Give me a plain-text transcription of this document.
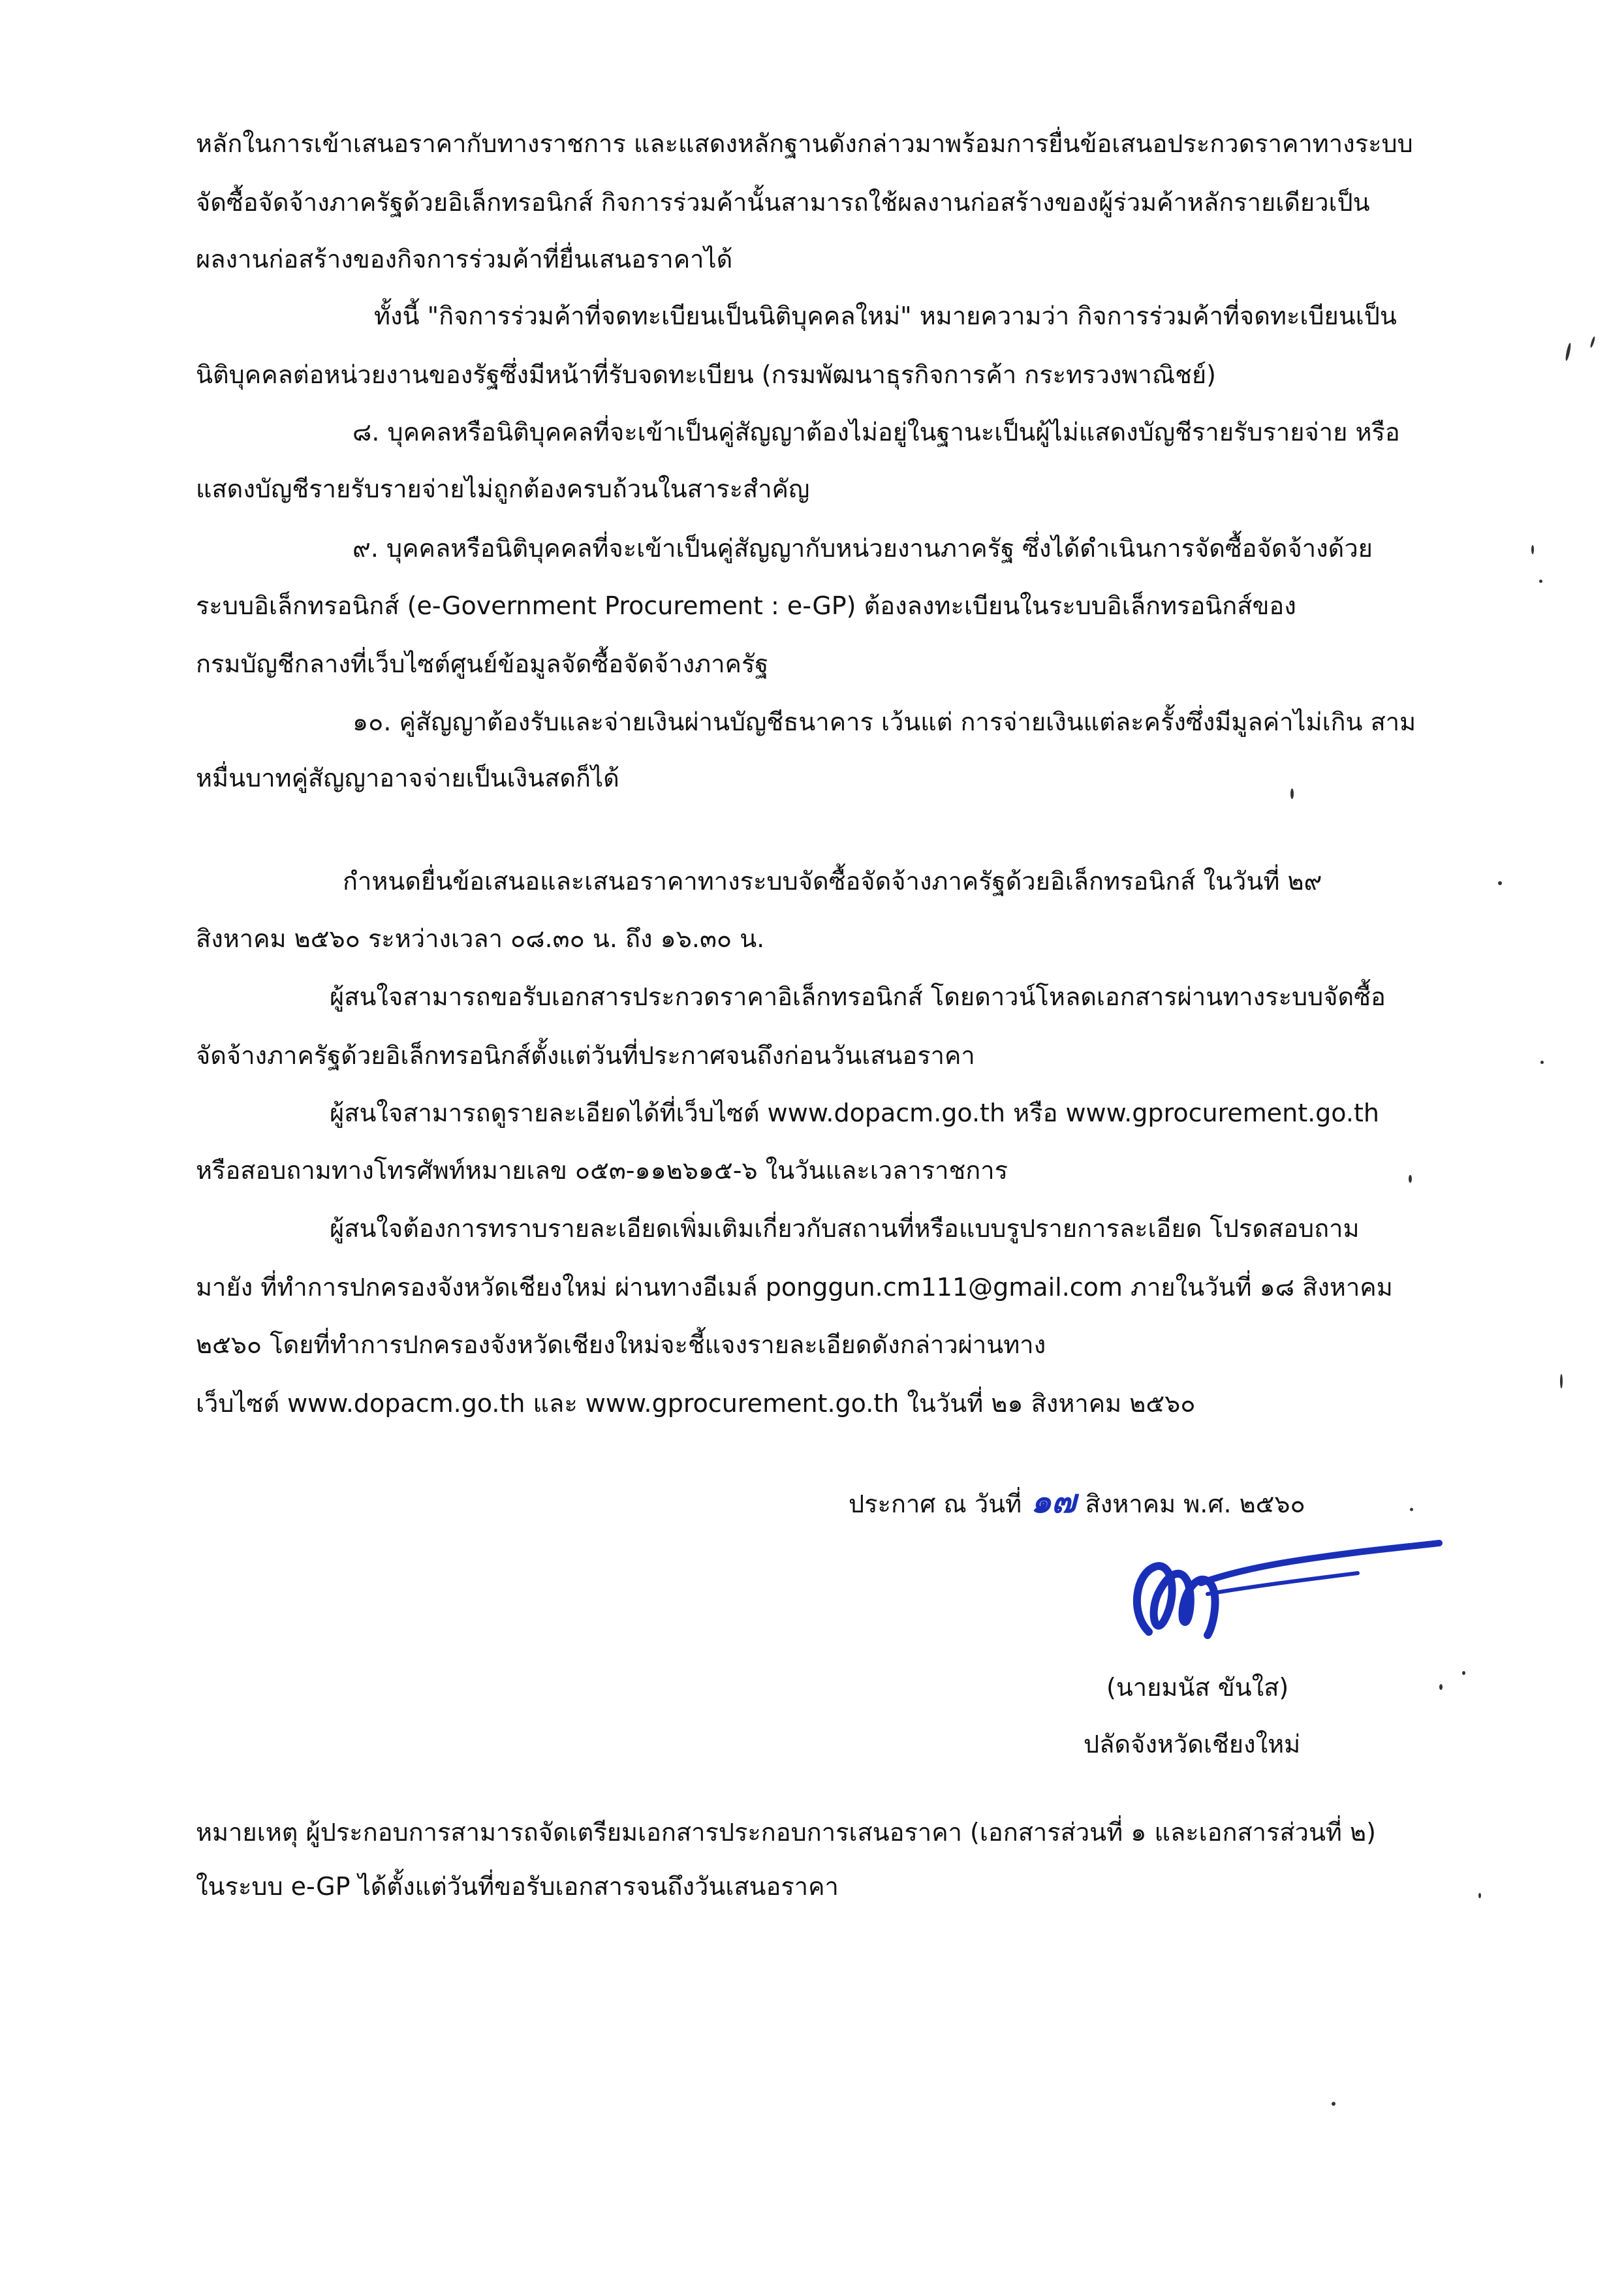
หลักในการเข้าเสนอราคากับทางราชการ และแสดงหลักฐานดังกล่าวมาพร้อมการยื่นข้อเสนอประกวดราคาทางระบบ
จัดซื้อจัดจ้างภาครัฐด้วยอิเล็กทรอนิกส์ กิจการร่วมค้านั้นสามารถใช้ผลงานก่อสร้างของผู้ร่วมค้าหลักรายเดียวเป็น
ผลงานก่อสร้างของกิจการร่วมค้าที่ยื่นเสนอราคาได้
ทั้งนี้ "กิจการร่วมค้าที่จดทะเบียนเป็นนิติบุคคลใหม่" หมายความว่า กิจการร่วมค้าที่จดทะเบียนเป็น
นิติบุคคลต่อหน่วยงานของรัฐซึ่งมีหน้าที่รับจดทะเบียน (กรมพัฒนาธุรกิจการค้า กระทรวงพาณิชย์)
๘. บุคคลหรือนิติบุคคลที่จะเข้าเป็นคู่สัญญาต้องไม่อยู่ในฐานะเป็นผู้ไม่แสดงบัญชีรายรับรายจ่าย หรือ
แสดงบัญชีรายรับรายจ่ายไม่ถูกต้องครบถ้วนในสาระสำคัญ
๙. บุคคลหรือนิติบุคคลที่จะเข้าเป็นคู่สัญญากับหน่วยงานภาครัฐ ซึ่งได้ดำเนินการจัดซื้อจัดจ้างด้วย
ระบบอิเล็กทรอนิกส์ (e-Government Procurement : e-GP) ต้องลงทะเบียนในระบบอิเล็กทรอนิกส์ของ
กรมบัญชีกลางที่เว็บไซต์ศูนย์ข้อมูลจัดซื้อจัดจ้างภาครัฐ
๑๐. คู่สัญญาต้องรับและจ่ายเงินผ่านบัญชีธนาคาร เว้นแต่ การจ่ายเงินแต่ละครั้งซึ่งมีมูลค่าไม่เกิน สาม
หมื่นบาทคู่สัญญาอาจจ่ายเป็นเงินสดก็ได้
กำหนดยื่นข้อเสนอและเสนอราคาทางระบบจัดซื้อจัดจ้างภาครัฐด้วยอิเล็กทรอนิกส์ ในวันที่ ๒๙
สิงหาคม ๒๕๖๐ ระหว่างเวลา ๐๘.๓๐ น. ถึง ๑๖.๓๐ น.
ผู้สนใจสามารถขอรับเอกสารประกวดราคาอิเล็กทรอนิกส์ โดยดาวน์โหลดเอกสารผ่านทางระบบจัดซื้อ
จัดจ้างภาครัฐด้วยอิเล็กทรอนิกส์ตั้งแต่วันที่ประกาศจนถึงก่อนวันเสนอราคา
ผู้สนใจสามารถดูรายละเอียดได้ที่เว็บไซต์ www.dopacm.go.th หรือ www.gprocurement.go.th
หรือสอบถามทางโทรศัพท์หมายเลข ๐๕๓-๑๑๒๖๑๕-๖ ในวันและเวลาราชการ
ผู้สนใจต้องการทราบรายละเอียดเพิ่มเติมเกี่ยวกับสถานที่หรือแบบรูปรายการละเอียด โปรดสอบถาม
มายัง ที่ทำการปกครองจังหวัดเชียงใหม่ ผ่านทางอีเมล์ ponggun.cm111@gmail.com ภายในวันที่ ๑๘ สิงหาคม
๒๕๖๐ โดยที่ทำการปกครองจังหวัดเชียงใหม่จะชี้แจงรายละเอียดดังกล่าวผ่านทาง
เว็บไซต์ www.dopacm.go.th และ www.gprocurement.go.th ในวันที่ ๒๑ สิงหาคม ๒๕๖๐
ประกาศ ณ วันที่ ๑๗ สิงหาคม พ.ศ. ๒๕๖๐
(นายมนัส ขันใส)
ปลัดจังหวัดเชียงใหม่
หมายเหตุ ผู้ประกอบการสามารถจัดเตรียมเอกสารประกอบการเสนอราคา (เอกสารส่วนที่ ๑ และเอกสารส่วนที่ ๒)
ในระบบ e-GP ได้ตั้งแต่วันที่ขอรับเอกสารจนถึงวันเสนอราคา
